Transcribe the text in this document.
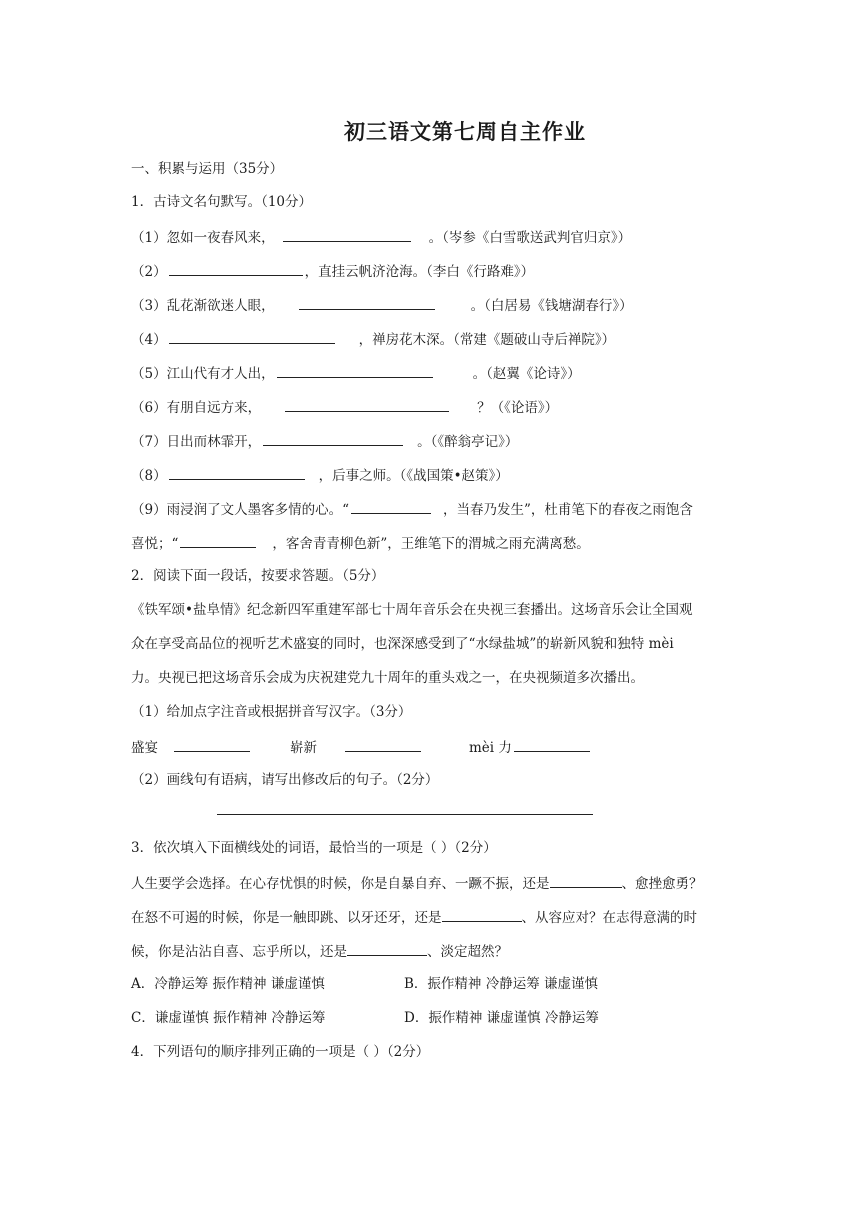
初三语文第七周自主作业
一、积累与运用（35分）
1．古诗文名句默写。（10分）
（1）忽如一夜春风来，	。（岑参《白雪歌送武判官归京》）
（2）	，直挂云帆济沧海。（李白《行路难》）
（3）乱花渐欲迷人眼，	。（白居易《钱塘湖春行》）
（4）	，禅房花木深。（常建《题破山寺后禅院》）
（5）江山代有才人出，	。（赵翼《论诗》）
（6）有朋自远方来，	？（《论语》）
（7）日出而林霏开，	。（《醉翁亭记》）
（8）	，后事之师。（《战国策•赵策》）
（9）雨浸润了文人墨客多情的心。“	，当春乃发生”，杜甫笔下的春夜之雨饱含
喜悦；“	，客舍青青柳色新”，王维笔下的渭城之雨充满离愁。
2．阅读下面一段话，按要求答题。（5分）
《铁军颂•盐阜情》纪念新四军重建军部七十周年音乐会在央视三套播出。这场音乐会让全国观
众在享受高品位的视听艺术盛宴的同时，也深深感受到了“水绿盐城”的崭新风貌和独特 mèi
力。央视已把这场音乐会成为庆祝建党九十周年的重头戏之一，在央视频道多次播出。
（1）给加点字注音或根据拼音写汉字。（3分）
盛宴	崭新	mèi 力
（2）画线句有语病，请写出修改后的句子。（2分）
3．依次填入下面横线处的词语，最恰当的一项是（ ）（2分）
人生要学会选择。在心存忧惧的时候，你是自暴自弃、一蹶不振，还是	、愈挫愈勇？
在怒不可遏的时候，你是一触即跳、以牙还牙，还是	、从容应对？在志得意满的时
候，你是沾沾自喜、忘乎所以，还是	、淡定超然？
A．冷静运筹 振作精神 谦虚谨慎	B．振作精神 冷静运筹 谦虚谨慎
C．谦虚谨慎 振作精神 冷静运筹	D．振作精神 谦虚谨慎 冷静运筹
4．下列语句的顺序排列正确的一项是（ ）（2分）
